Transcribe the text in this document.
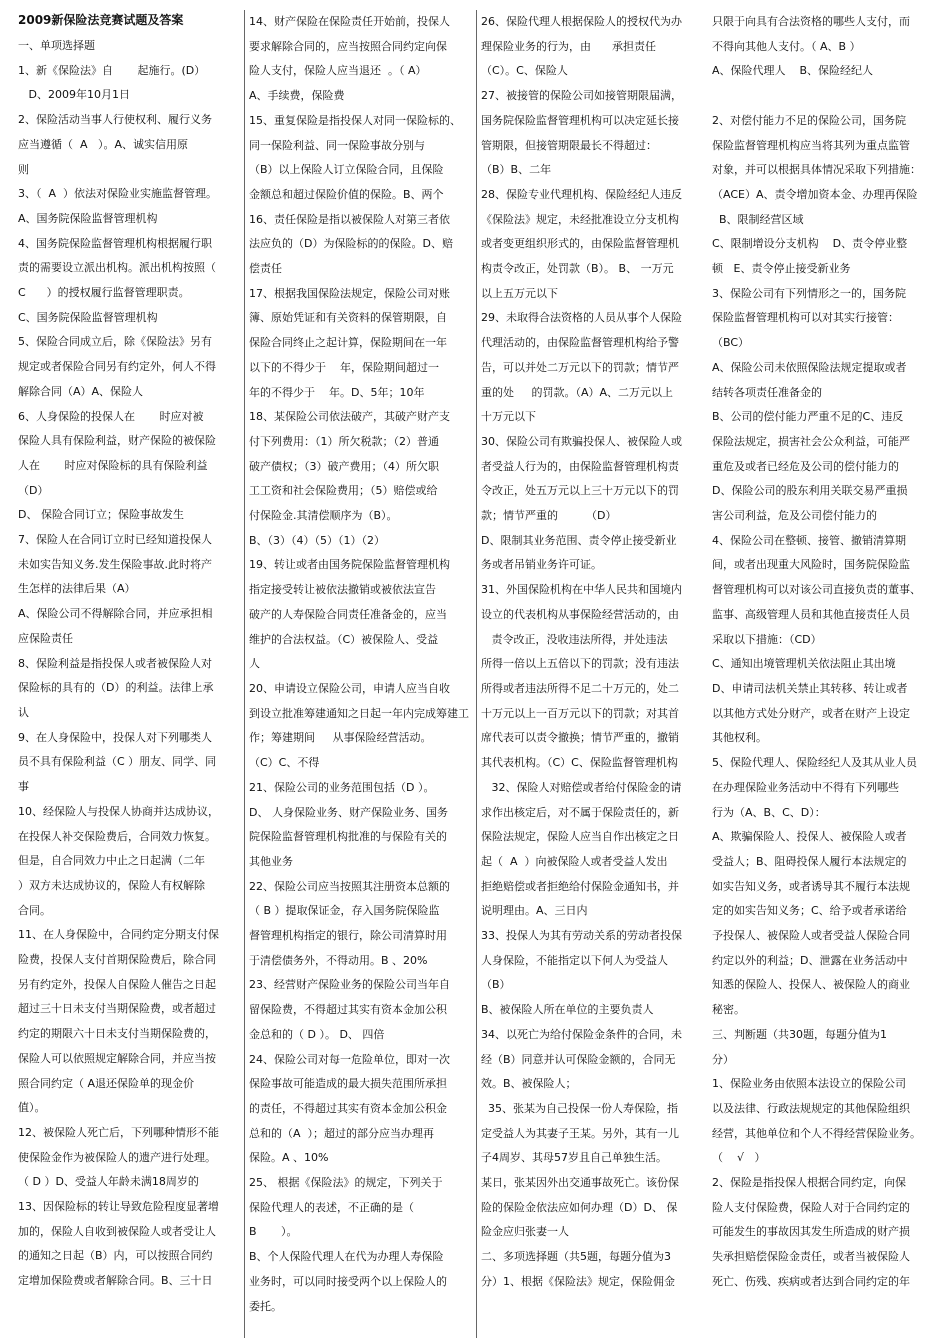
2009新保险法竞赛试题及答案
一、单项选择题
1、新《保险法》自       起施行。(D）
D、2009年10月1日
2、保险活动当事人行使权利、履行义务
应当遵循（  A   ）。A、诚实信用原
则
3、（  A  ）依法对保险业实施监督管理。
A、国务院保险监督管理机构
4、国务院保险监督管理机构根据履行职
责的需要设立派出机构。派出机构按照（
C      ）的授权履行监督管理职责。
C、国务院保险监督管理机构
5、保险合同成立后，除《保险法》另有
规定或者保险合同另有约定外，何人不得
解除合同（A）A、保险人
6、人身保险的投保人在       时应对被
保险人具有保险利益，财产保险的被保险
人在       时应对保险标的具有保险利益
（D）
D、 保险合同订立；保险事故发生
7、保险人在合同订立时已经知道投保人
未如实告知义务.发生保险事故.此时将产
生怎样的法律后果（A）
A、保险公司不得解除合同，并应承担相
应保险责任
8、保险利益是指投保人或者被保险人对
保险标的具有的（D）的利益。法律上承
认
9、在人身保险中，投保人对下列哪类人
员不具有保险利益（C ）朋友、同学、同
事
10、经保险人与投保人协商并达成协议，
在投保人补交保险费后，合同效力恢复。
但是，自合同效力中止之日起满（二年
）双方未达成协议的，保险人有权解除
合同。
11、在人身保险中，合同约定分期支付保
险费，投保人支付首期保险费后，除合同
另有约定外，投保人自保险人催告之日起
超过三十日未支付当期保险费，或者超过
约定的期限六十日未支付当期保险费的，
保险人可以依照规定解除合同，并应当按
照合同约定（ A退还保险单的现金价
值）。
12、被保险人死亡后，下列哪种情形不能
使保险金作为被保险人的遗产进行处理。
（ D ）D、受益人年龄未满18周岁的
13、因保险标的转让导致危险程度显著增
加的，保险人自收到被保险人或者受让人
的通知之日起（B）内，可以按照合同约
定增加保险费或者解除合同。B、三十日
14、财产保险在保险责任开始前，投保人
要求解除合同的，应当按照合同约定向保
险人支付，保险人应当退还  。（ A）
A、手续费，保险费
15、重复保险是指投保人对同一保险标的、
同一保险利益、同一保险事故分别与
（B）以上保险人订立保险合同，且保险
金额总和超过保险价值的保险。B、两个
16、责任保险是指以被保险人对第三者依
法应负的（D）为保险标的的保险。D、赔
偿责任
17、根据我国保险法规定，保险公司对账
簿、原始凭证和有关资料的保管期限，自
保险合同终止之起计算，保险期间在一年
以下的不得少于    年，保险期间超过一
年的不得少于    年。D、5年；10年
18、某保险公司依法破产，其破产财产支
付下列费用：（1）所欠税款；（2）普通
破产债权；（3）破产费用；（4）所欠职
工工资和社会保险费用；（5）赔偿或给
付保险金.其清偿顺序为（B）。
B、（3）（4）（5）（1）（2）
19、转让或者由国务院保险监督管理机构
指定接受转让被依法撤销或被依法宣告
破产的人寿保险合同责任准备金的，应当
维护的合法权益。（C）被保险人、受益
人
20、申请设立保险公司，申请人应当自收
到设立批准筹建通知之日起一年内完成筹建工
作；筹建期间     从事保险经营活动。
（C）C、不得
21、保险公司的业务范围包括（D ）。
D、 人身保险业务、财产保险业务、国务
院保险监督管理机构批准的与保险有关的
其他业务
22、保险公司应当按照其注册资本总额的
（ B ）提取保证金，存入国务院保险监
督管理机构指定的银行，除公司清算时用
于清偿债务外，不得动用。B 、20%
23、经营财产保险业务的保险公司当年自
留保险费，不得超过其实有资本金加公积
金总和的（ D ）。 D、 四倍
24、保险公司对每一危险单位，即对一次
保险事故可能造成的最大损失范围所承担
的责任，不得超过其实有资本金加公积金
总和的（A  ）；超过的部分应当办理再
保险。A 、10%
25、 根据《保险法》的规定，下列关于
保险代理人的表述，不正确的是（
B       ）。
B、个人保险代理人在代为办理人寿保险
业务时，可以同时接受两个以上保险人的
委托。
26、保险代理人根据保险人的授权代为办
理保险业务的行为，由      承担责任
（C）。C、保险人
27、被接管的保险公司如接管期限届满，
国务院保险监督管理机构可以决定延长接
管期限，但接管期限最长不得超过：
（B）B、二年
28、保险专业代理机构、保险经纪人违反
《保险法》规定，未经批准设立分支机构
或者变更组织形式的，由保险监督管理机
构责令改正，处罚款（B）。 B、 一万元
以上五万元以下
29、未取得合法资格的人员从事个人保险
代理活动的，由保险监督管理机构给予警
告，可以并处二万元以下的罚款；情节严
重的处     的罚款。（A）A、二万元以上
十万元以下
30、保险公司有欺骗投保人、被保险人或
者受益人行为的，由保险监督管理机构责
令改正，处五万元以上三十万元以下的罚
款；情节严重的        （D）
D、限制其业务范围、责令停止接受新业
务或者吊销业务许可证。
31、外国保险机构在中华人民共和国境内
设立的代表机构从事保险经营活动的，由
责令改正，没收违法所得，并处违法
所得一倍以上五倍以下的罚款；没有违法
所得或者违法所得不足二十万元的，处二
十万元以上一百万元以下的罚款；对其首
席代表可以责令撤换；情节严重的，撤销
其代表机构。（C）C、保险监督管理机构
32、保险人对赔偿或者给付保险金的请
求作出核定后，对不属于保险责任的，新
保险法规定，保险人应当自作出核定之日
起（  A  ）向被保险人或者受益人发出
拒绝赔偿或者拒绝给付保险金通知书，并
说明理由。A、三日内
33、投保人为其有劳动关系的劳动者投保
人身保险，不能指定以下何人为受益人
（B）
B、被保险人所在单位的主要负责人
34、以死亡为给付保险金条件的合同，未
经（B）同意并认可保险金额的，合同无
效。B、被保险人；
35、张某为自己投保一份人寿保险，指
定受益人为其妻子王某。另外，其有一儿
子4周岁、其母57岁且自己单独生活。
某日，张某因外出交通事故死亡。该份保
险的保险金依法应如何办理（D）D、 保
险金应归张妻一人
二、多项选择题（共5题，每题分值为3
分）1、根据《保险法》规定，保险佣金
只限于向具有合法资格的哪些人支付，而
不得向其他人支付。（ A、B ）
A、保险代理人    B、保险经纪人

2、对偿付能力不足的保险公司，国务院
保险监督管理机构应当将其列为重点监管
对象，并可以根据具体情况采取下列措施：
（ACE）A、责令增加资本金、办理再保险
B、限制经营区域
C、限制增设分支机构    D、责令停业整
顿   E、责令停止接受新业务
3、保险公司有下列情形之一的，国务院
保险监督管理机构可以对其实行接管：
（BC）
A、保险公司未依照保险法规定提取或者
结转各项责任准备金的
B、公司的偿付能力严重不足的C、违反
保险法规定，损害社会公众利益，可能严
重危及或者已经危及公司的偿付能力的
D、保险公司的股东利用关联交易严重损
害公司利益，危及公司偿付能力的
4、保险公司在整顿、接管、撤销清算期
间，或者出现重大风险时，国务院保险监
督管理机构可以对该公司直接负责的董事、
监事、高级管理人员和其他直接责任人员
采取以下措施：（CD）
C、通知出境管理机关依法阻止其出境
D、申请司法机关禁止其转移、转让或者
以其他方式处分财产，或者在财产上设定
其他权利。
5、保险代理人、保险经纪人及其从业人员
在办理保险业务活动中不得有下列哪些
行为（A、B、C、D）：
A、欺骗保险人、投保人、被保险人或者
受益人；B、阻碍投保人履行本法规定的
如实告知义务，或者诱导其不履行本法规
定的如实告知义务；C、给予或者承诺给
予投保人、被保险人或者受益人保险合同
约定以外的利益；D、泄露在业务活动中
知悉的保险人、投保人、被保险人的商业
秘密。
三、判断题（共30题，每题分值为1
分）
1、保险业务由依照本法设立的保险公司
以及法律、行政法规规定的其他保险组织
经营，其他单位和个人不得经营保险业务。
（    √   ）
2、保险是指投保人根据合同约定，向保
险人支付保险费，保险人对于合同约定的
可能发生的事故因其发生所造成的财产损
失承担赔偿保险金责任，或者当被保险人
死亡、伤残、疾病或者达到合同约定的年
